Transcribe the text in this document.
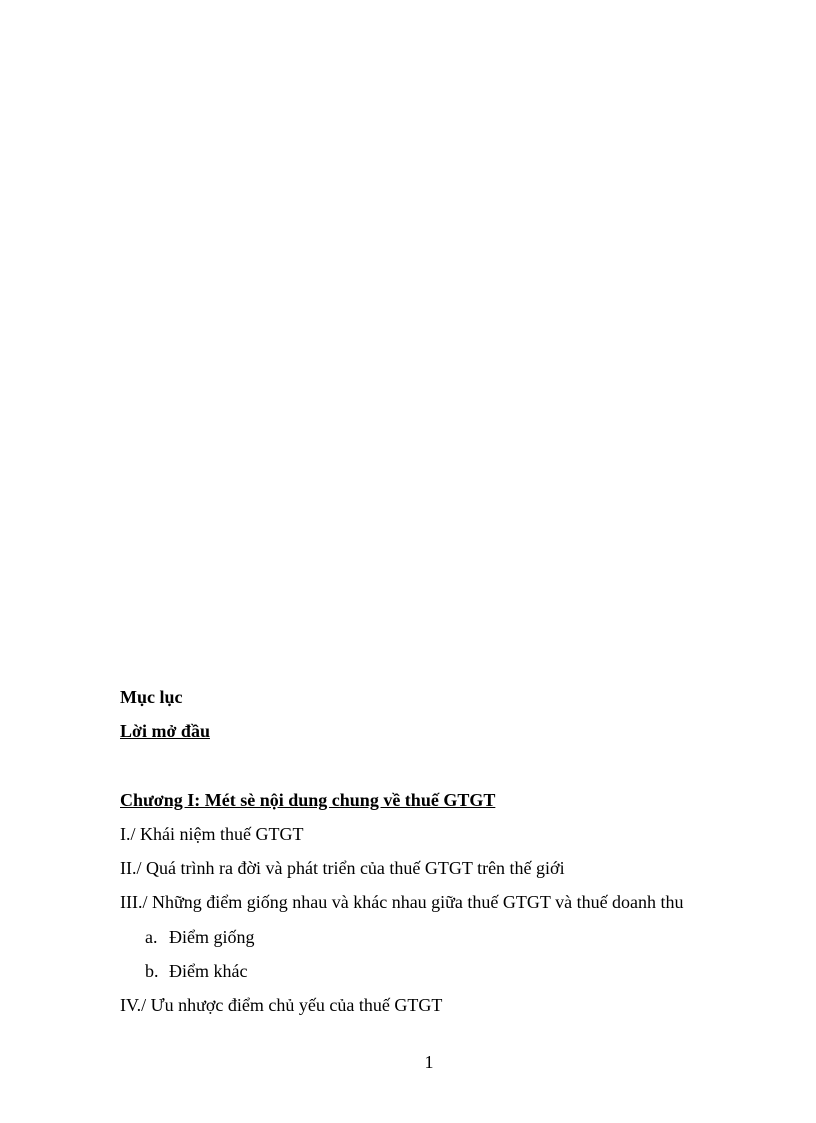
Mục lục
Lời mở đầu
Chương I: Mét sè nội dung chung về thuế GTGT
I./ Khái niệm thuế GTGT
II./ Quá trình ra đời và phát triển của thuế GTGT trên thế giới
III./ Những điểm giống nhau và khác nhau giữa thuế GTGT và thuế doanh thu
a. Điểm giống
b. Điểm khác
IV./ Ưu nhược điểm chủ yếu của thuế GTGT
1
